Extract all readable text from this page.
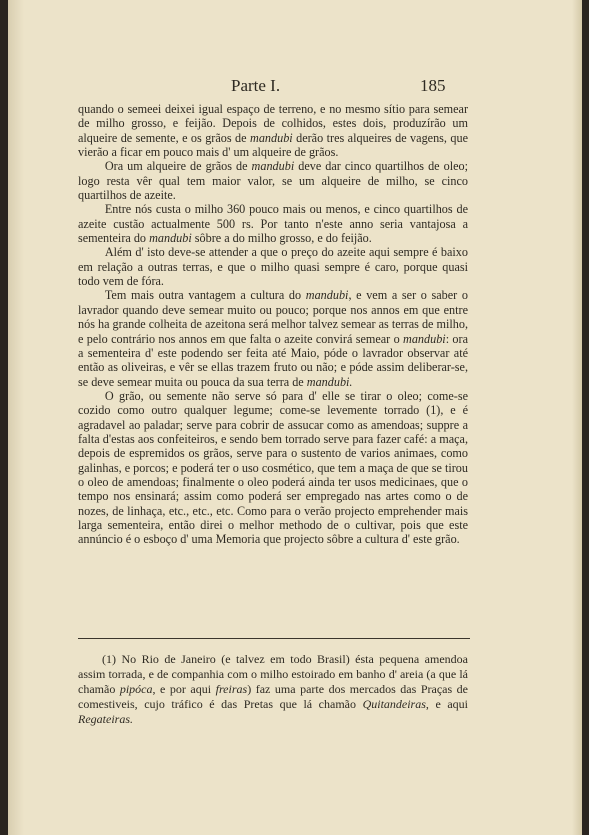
Parte I.	185

quando o semeei deixei igual espaço de terreno, e no mesmo sítio para semear de milho grosso, e feijão. Depois de colhidos, estes dois, produzírão um alqueire de semente, e os grãos de mandubi derão tres alqueires de vagens, que vierão a ficar em pouco mais d' um alqueire de grãos.

Ora um alqueire de grãos de mandubi deve dar cinco quartilhos de oleo; logo resta vêr qual tem maior valor, se um alqueire de milho, se cinco quartilhos de azeite.

Entre nós custa o milho 360 pouco mais ou menos, e cinco quartilhos de azeite custão actualmente 500 rs. Por tanto n'este anno seria vantajosa a sementeira do mandubi sôbre a do milho grosso, e do feijão.

Além d' isto deve-se attender a que o preço do azeite aqui sempre é baixo em relação a outras terras, e que o milho quasi sempre é caro, porque quasi todo vem de fóra.

Tem mais outra vantagem a cultura do mandubi, e vem a ser o saber o lavrador quando deve semear muito ou pouco; porque nos annos em que entre nós ha grande colheita de azeitona será melhor talvez semear as terras de milho, e pelo contrário nos annos em que falta o azeite convirá semear o mandubi: ora a sementeira d' este podendo ser feita até Maio, póde o lavrador observar até então as oliveiras, e vêr se ellas trazem fruto ou não; e póde assim deliberar-se, se deve semear muita ou pouca da sua terra de mandubi.

O grão, ou semente não serve só para d' elle se tirar o oleo; come-se cozido como outro qualquer legume; come-se levemente torrado (1), e é agradavel ao paladar; serve para cobrir de assucar como as amendoas; suppre a falta d'estas aos confeiteiros, e sendo bem torrado serve para fazer café: a maça, depois de espremidos os grãos, serve para o sustento de varios animaes, como galinhas, e porcos; e poderá ter o uso cosmético, que tem a maça de que se tirou o oleo de amendoas; finalmente o oleo poderá ainda ter usos medicinaes, que o tempo nos ensinará; assim como poderá ser empregado nas artes como o de nozes, de linhaça, etc., etc., etc. Como para o verão projecto emprehender mais larga sementeira, então direi o melhor methodo de o cultivar, pois que este annúncio é o esboço d' uma Memoria que projecto sôbre a cultura d' este grão.

(1) No Rio de Janeiro (e talvez em todo Brasil) ésta pequena amendoa assim torrada, e de companhia com o milho estoirado em banho d' areia (a que lá chamão pipóca, e por aqui freiras) faz uma parte dos mercados das Praças de comestiveis, cujo tráfico é das Pretas que lá chamão Quitandeiras, e aqui Regateiras.
